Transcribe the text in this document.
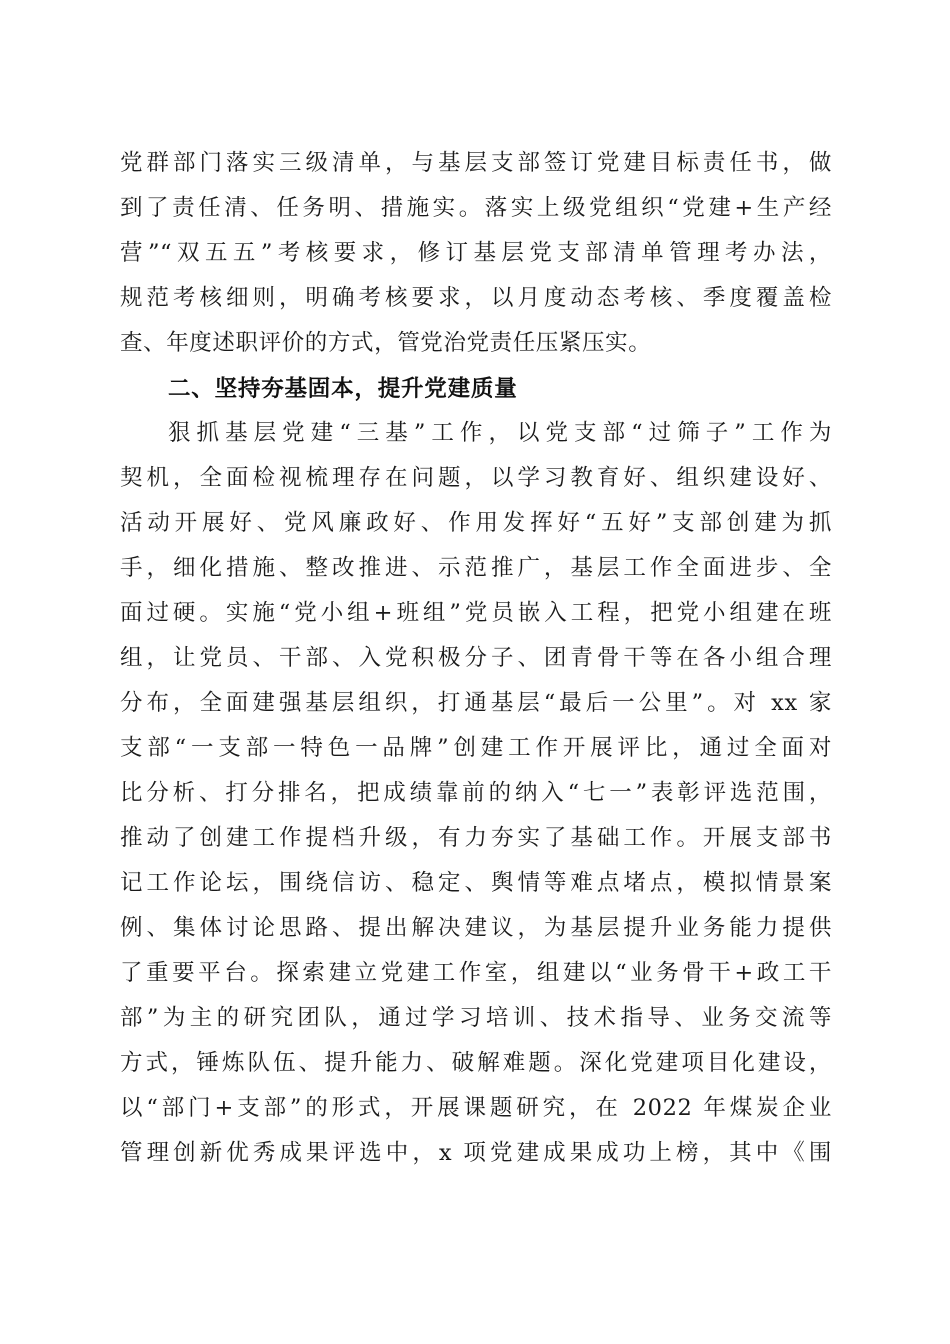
党群部门落实三级清单，与基层支部签订党建目标责任书，做
到了责任清、任务明、措施实。落实上级党组织“党建+生产经
营”“双五五”考核要求，修订基层党支部清单管理考办法，
规范考核细则，明确考核要求，以月度动态考核、季度覆盖检
查、年度述职评价的方式，管党治党责任压紧压实。
二、坚持夯基固本，提升党建质量
狠抓基层党建“三基”工作，以党支部“过筛子”工作为
契机，全面检视梳理存在问题，以学习教育好、组织建设好、
活动开展好、党风廉政好、作用发挥好“五好”支部创建为抓
手，细化措施、整改推进、示范推广，基层工作全面进步、全
面过硬。实施“党小组+班组”党员嵌入工程，把党小组建在班
组，让党员、干部、入党积极分子、团青骨干等在各小组合理
分布，全面建强基层组织，打通基层“最后一公里”。对 xx 家
支部“一支部一特色一品牌”创建工作开展评比，通过全面对
比分析、打分排名，把成绩靠前的纳入“七一”表彰评选范围，
推动了创建工作提档升级，有力夯实了基础工作。开展支部书
记工作论坛，围绕信访、稳定、舆情等难点堵点，模拟情景案
例、集体讨论思路、提出解决建议，为基层提升业务能力提供
了重要平台。探索建立党建工作室，组建以“业务骨干+政工干
部”为主的研究团队，通过学习培训、技术指导、业务交流等
方式，锤炼队伍、提升能力、破解难题。深化党建项目化建设，
以“部门+支部”的形式，开展课题研究，在 2022 年煤炭企业
管理创新优秀成果评选中，x 项党建成果成功上榜，其中《围
